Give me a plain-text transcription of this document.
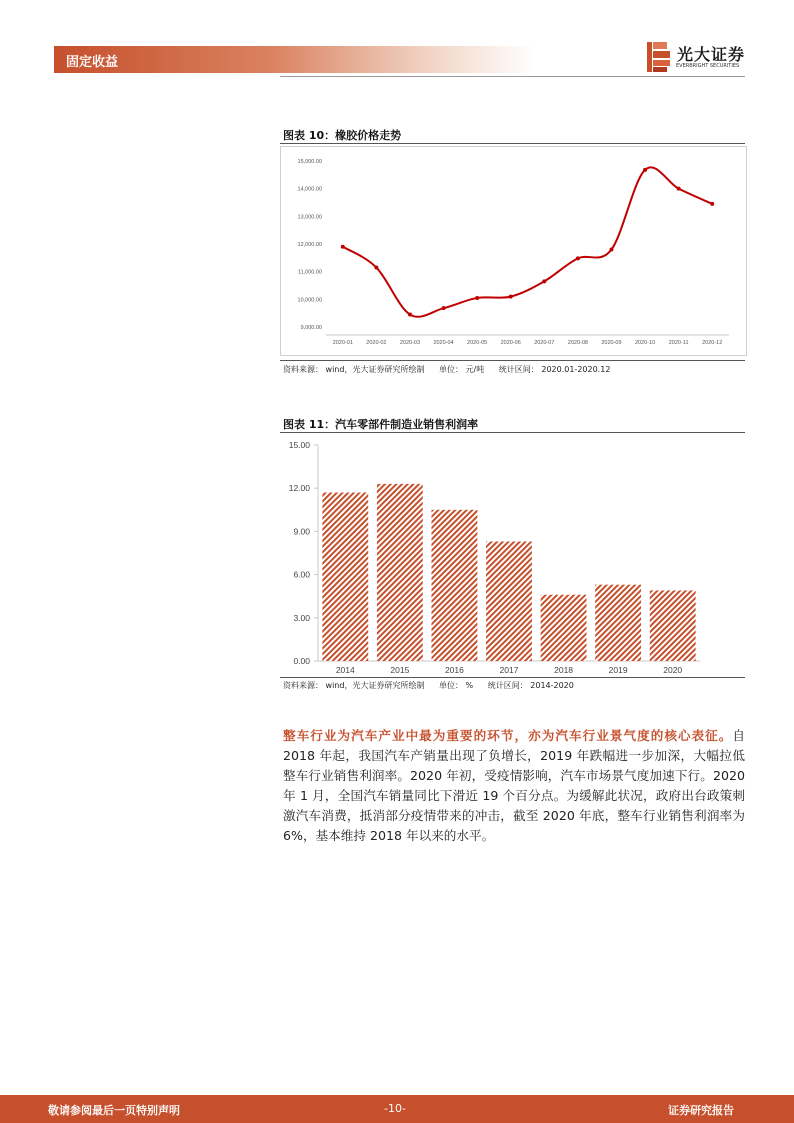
固定收益	光大证券
EVERBRIGHT SECURITIES
图表 10：橡胶价格走势
9,000.00
10,000.00
11,000.00
12,000.00
13,000.00
14,000.00
15,000.00
2020-01 2020-02 2020-03 2020-04 2020-05 2020-06 2020-07 2020-08 2020-09 2020-10 2020-11 2020-12
资料来源： wind，光大证券研究所绘制 单位： 元/吨 统计区间： 2020.01-2020.12
图表 11：汽车零部件制造业销售利润率
0.00
3.00
6.00
9.00
12.00
15.00
2014	2015	2016	2017	2018	2019	2020
资料来源： wind，光大证券研究所绘制 单位： % 统计区间： 2014-2020
整车行业为汽车产业中最为重要的环节，亦为汽车行业景气度的核心表征。自 2018 年起，我国汽车产销量出现了负增长，2019 年跌幅进一步加深，大幅拉低整车行业销售利润率。2020 年初，受疫情影响，汽车市场景气度加速下行。2020 年 1 月，全国汽车销量同比下滑近 19 个百分点。为缓解此状况，政府出台政策刺激汽车消费，抵消部分疫情带来的冲击，截至 2020 年底，整车行业销售利润率为 6%，基本维持 2018 年以来的水平。
敬请参阅最后一页特别声明	-10-	证券研究报告
